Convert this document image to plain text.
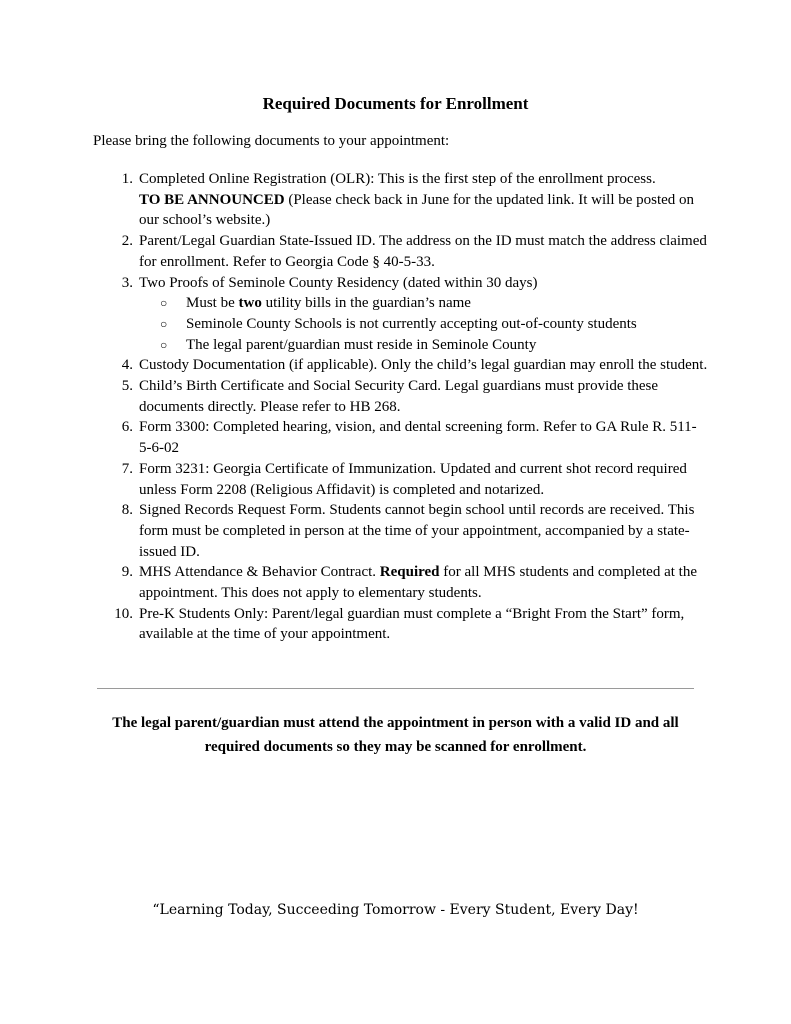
Required Documents for Enrollment

Please bring the following documents to your appointment:

1. Completed Online Registration (OLR): This is the first step of the enrollment process.
TO BE ANNOUNCED (Please check back in June for the updated link. It will be posted on our school’s website.)
2. Parent/Legal Guardian State-Issued ID. The address on the ID must match the address claimed for enrollment. Refer to Georgia Code § 40-5-33.
3. Two Proofs of Seminole County Residency (dated within 30 days)
○ Must be two utility bills in the guardian’s name
○ Seminole County Schools is not currently accepting out-of-county students
○ The legal parent/guardian must reside in Seminole County
4. Custody Documentation (if applicable). Only the child’s legal guardian may enroll the student.
5. Child’s Birth Certificate and Social Security Card. Legal guardians must provide these documents directly. Please refer to HB 268.
6. Form 3300: Completed hearing, vision, and dental screening form. Refer to GA Rule R. 511-5-6-02
7. Form 3231: Georgia Certificate of Immunization. Updated and current shot record required unless Form 2208 (Religious Affidavit) is completed and notarized.
8. Signed Records Request Form. Students cannot begin school until records are received. This form must be completed in person at the time of your appointment, accompanied by a state-issued ID.
9. MHS Attendance & Behavior Contract. Required for all MHS students and completed at the appointment. This does not apply to elementary students.
10. Pre-K Students Only: Parent/legal guardian must complete a “Bright From the Start” form, available at the time of your appointment.

The legal parent/guardian must attend the appointment in person with a valid ID and all required documents so they may be scanned for enrollment.

“Learning Today, Succeeding Tomorrow - Every Student, Every Day!
